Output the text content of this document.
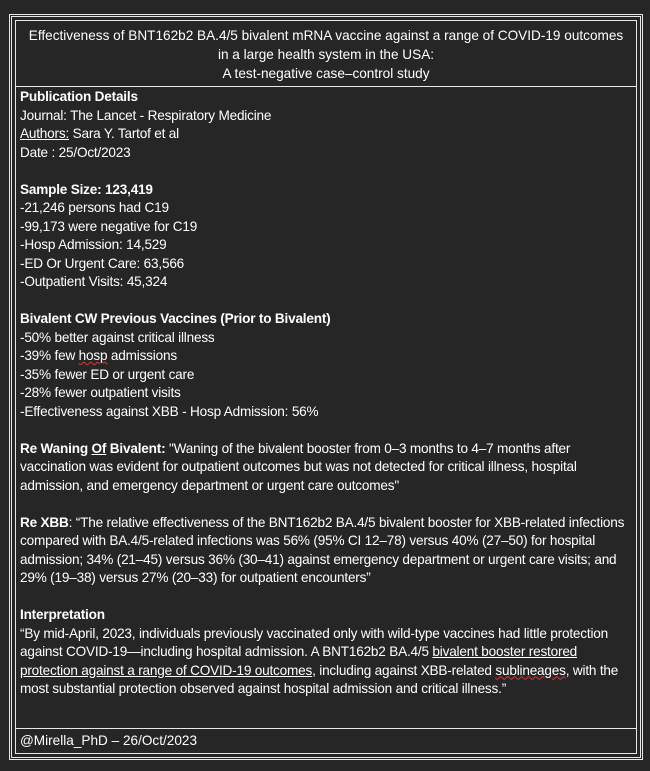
Effectiveness of BNT162b2 BA.4/5 bivalent mRNA vaccine against a range of COVID-19 outcomes
in a large health system in the USA:
A test-negative case–control study

Publication Details

Journal: The Lancet - Respiratory Medicine

Authors: Sara Y. Tartof et al

Date : 25/Oct/2023

Sample Size: 123,419

-21,246 persons had C19

-99,173 were negative for C19

-Hosp Admission: 14,529

-ED Or Urgent Care: 63,566

-Outpatient Visits: 45,324

Bivalent CW Previous Vaccines (Prior to Bivalent)

-50% better against critical illness

-39% few hosp admissions

-35% fewer ED or urgent care

-28% fewer outpatient visits

-Effectiveness against XBB - Hosp Admission: 56%

Re Waning Of Bivalent: "Waning of the bivalent booster from 0–3 months to 4–7 months after vaccination was evident for outpatient outcomes but was not detected for critical illness, hospital admission, and emergency department or urgent care outcomes"

Re XBB: “The relative effectiveness of the BNT162b2 BA.4/5 bivalent booster for XBB-related infections compared with BA.4/5-related infections was 56% (95% CI 12–78) versus 40% (27–50) for hospital admission; 34% (21–45) versus 36% (30–41) against emergency department or urgent care visits; and 29% (19–38) versus 27% (20–33) for outpatient encounters”

Interpretation

“By mid-April, 2023, individuals previously vaccinated only with wild-type vaccines had little protection against COVID-19—including hospital admission. A BNT162b2 BA.4/5 bivalent booster restored protection against a range of COVID-19 outcomes, including against XBB-related sublineages, with the most substantial protection observed against hospital admission and critical illness.”

@Mirella_PhD – 26/Oct/2023
